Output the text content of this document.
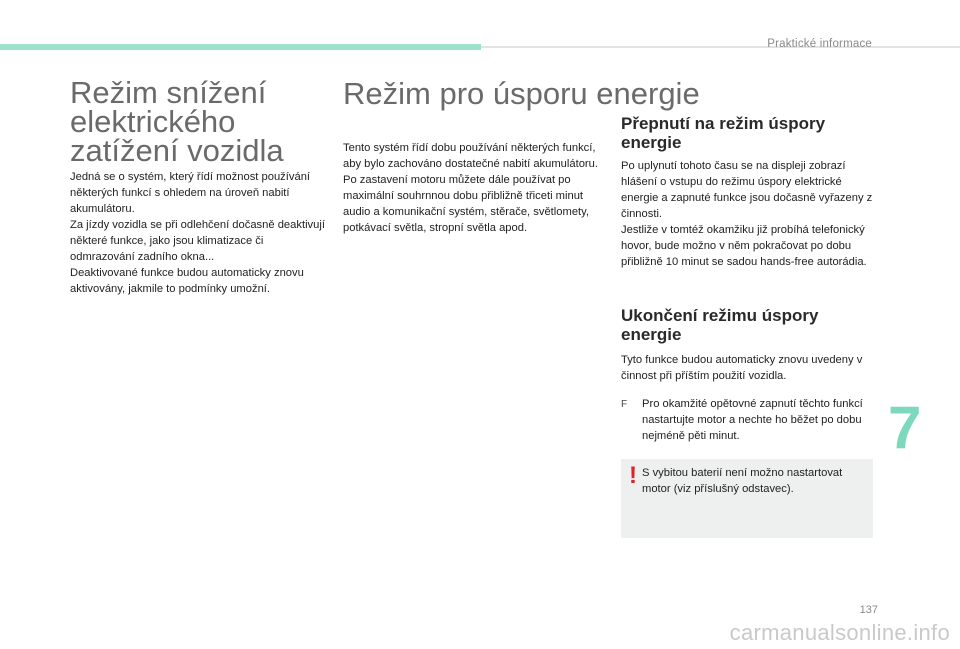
Praktické informace
Režim snížení elektrického zatížení vozidla
Jedná se o systém, který řídí možnost používání některých funkcí s ohledem na úroveň nabití akumulátoru.
Za jízdy vozidla se při odlehčení dočasně deaktivují některé funkce, jako jsou klimatizace či odmrazování zadního okna...
Deaktivované funkce budou automaticky znovu aktivovány, jakmile to podmínky umožní.
Režim pro úsporu energie
Tento systém řídí dobu používání některých funkcí, aby bylo zachováno dostatečné nabití akumulátoru.
Po zastavení motoru můžete dále používat po maximální souhrnnou dobu přibližně třiceti minut audio a komunikační systém, stěrače, světlomety, potkávací světla, stropní světla apod.
Přepnutí na režim úspory energie
Po uplynutí tohoto času se na displeji zobrazí hlášení o vstupu do režimu úspory elektrické energie a zapnuté funkce jsou dočasně vyřazeny z činnosti.
Jestliže v tomtéž okamžiku již probíhá telefonický hovor, bude možno v něm pokračovat po dobu přibližně 10 minut se sadou hands-free autorádia.
Ukončení režimu úspory energie
Tyto funkce budou automaticky znovu uvedeny v činnost při příštím použití vozidla.
F Pro okamžité opětovné zapnutí těchto funkcí nastartujte motor a nechte ho běžet po dobu nejméně pěti minut.
! S vybitou baterií není možno nastartovat motor (viz příslušný odstavec).
7
137
carmanualsonline.info
